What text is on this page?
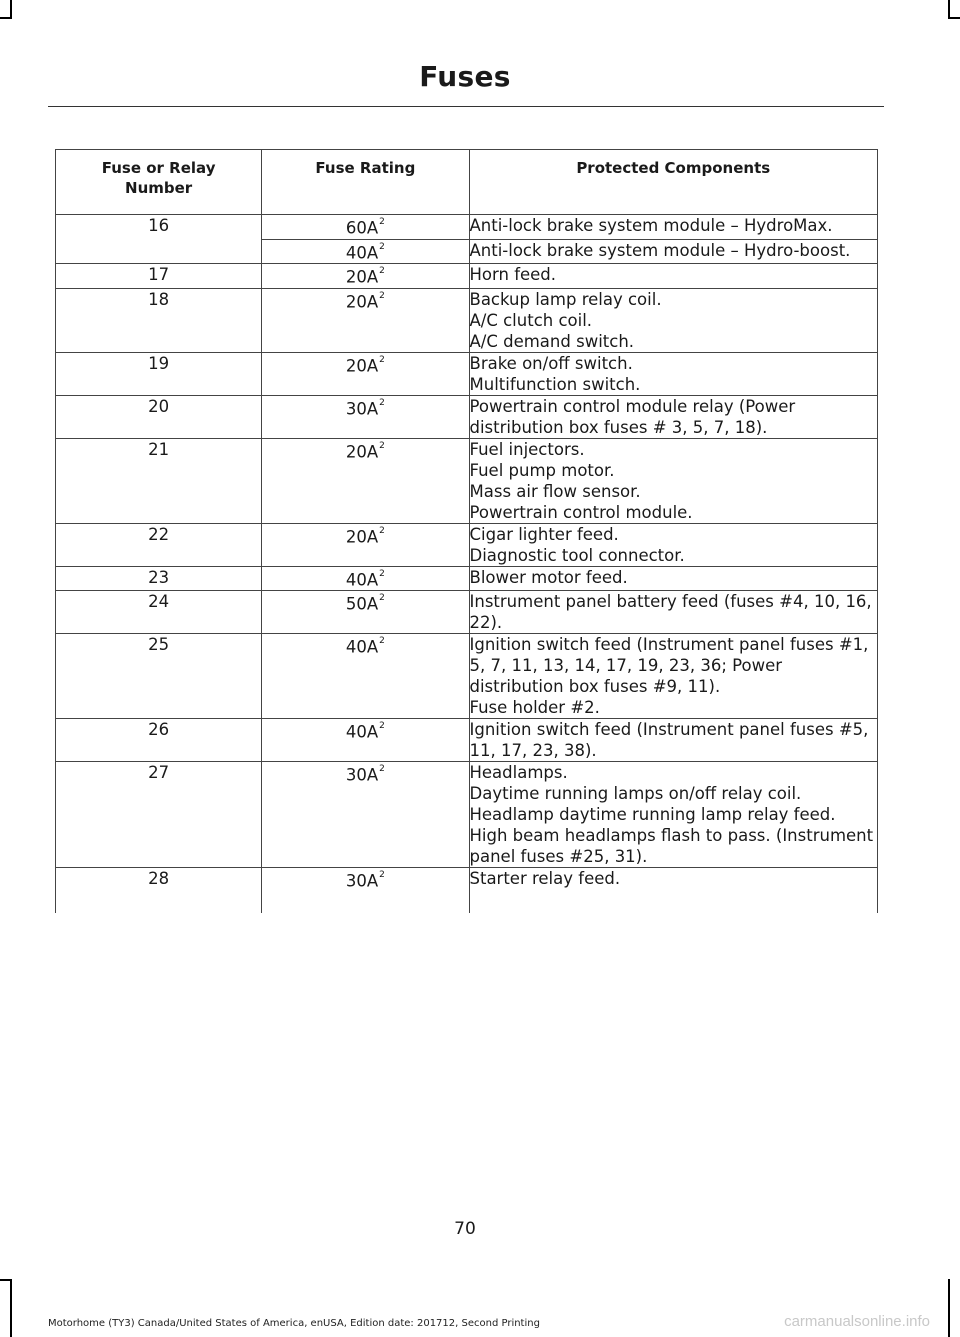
Fuses
Fuse or Relay Number	Fuse Rating	Protected Components
16	$60A^2$	Anti-lock brake system module – HydroMax.

	$40A^2$	Anti-lock brake system module – Hydro-boost.

17	$20A^2$	Horn feed.

18	$20A^2$	Backup lamp relay coil.
A/C clutch coil.
A/C demand switch.

19	$20A^2$	Brake on/off switch.
Multifunction switch.

20	$30A^2$	Powertrain control module relay (Power distribution box fuses # 3, 5, 7, 18).

21	$20A^2$	Fuel injectors.
Fuel pump motor.
Mass air flow sensor.
Powertrain control module.

22	$20A^2$	Cigar lighter feed.
Diagnostic tool connector.

23	$40A^2$	Blower motor feed.

24	$50A^2$	Instrument panel battery feed (fuses #4, 10, 16, 22).

25	$40A^2$	Ignition switch feed (Instrument panel fuses #1, 5, 7, 11, 13, 14, 17, 19, 23, 36; Power distribution box fuses #9, 11).
Fuse holder #2.

26	$40A^2$	Ignition switch feed (Instrument panel fuses #5, 11, 17, 23, 38).

27	$30A^2$	Headlamps.
Daytime running lamps on/off relay coil.
Headlamp daytime running lamp relay feed.
High beam headlamps flash to pass. (Instrument panel fuses #25, 31).

28	$30A^2$	Starter relay feed.
70
Motorhome (TY3) Canada/United States of America, enUSA, Edition date: 201712, Second Printing	carmanualsonline.info
